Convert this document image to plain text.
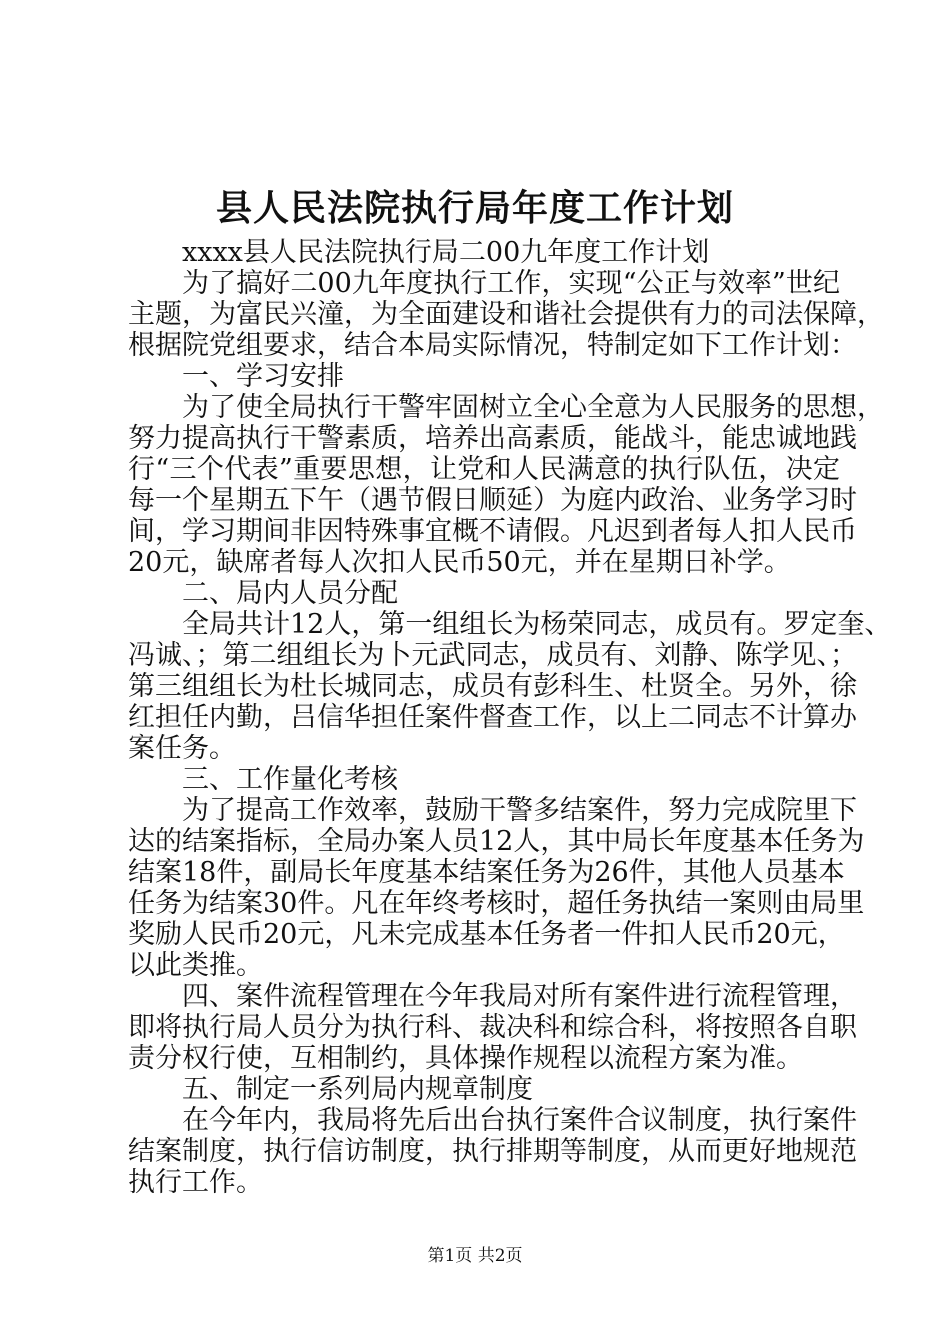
县人民法院执行局年度工作计划
xxxx县人民法院执行局二00九年度工作计划
为了搞好二00九年度执行工作，实现“公正与效率”世纪
主题，为富民兴潼，为全面建设和谐社会提供有力的司法保障，
根据院党组要求，结合本局实际情况，特制定如下工作计划：
一、学习安排
为了使全局执行干警牢固树立全心全意为人民服务的思想，
努力提高执行干警素质，培养出高素质，能战斗，能忠诚地践
行“三个代表”重要思想，让党和人民满意的执行队伍，决定
每一个星期五下午（遇节假日顺延）为庭内政治、业务学习时
间，学习期间非因特殊事宜概不请假。凡迟到者每人扣人民币
20元，缺席者每人次扣人民币50元，并在星期日补学。
二、局内人员分配
全局共计12人，第一组组长为杨荣同志，成员有。罗定奎、
冯诚、；第二组组长为卜元武同志，成员有、刘静、陈学见、；
第三组组长为杜长城同志，成员有彭科生、杜贤全。另外，徐
红担任内勤，吕信华担任案件督查工作，以上二同志不计算办
案任务。
三、工作量化考核
为了提高工作效率，鼓励干警多结案件，努力完成院里下
达的结案指标，全局办案人员12人，其中局长年度基本任务为
结案18件，副局长年度基本结案任务为26件，其他人员基本
任务为结案30件。凡在年终考核时，超任务执结一案则由局里
奖励人民币20元，凡未完成基本任务者一件扣人民币20元，
以此类推。
四、案件流程管理在今年我局对所有案件进行流程管理，
即将执行局人员分为执行科、裁决科和综合科，将按照各自职
责分权行使，互相制约，具体操作规程以流程方案为准。
五、制定一系列局内规章制度
在今年内，我局将先后出台执行案件合议制度，执行案件
结案制度，执行信访制度，执行排期等制度，从而更好地规范
执行工作。
第1页 共2页
